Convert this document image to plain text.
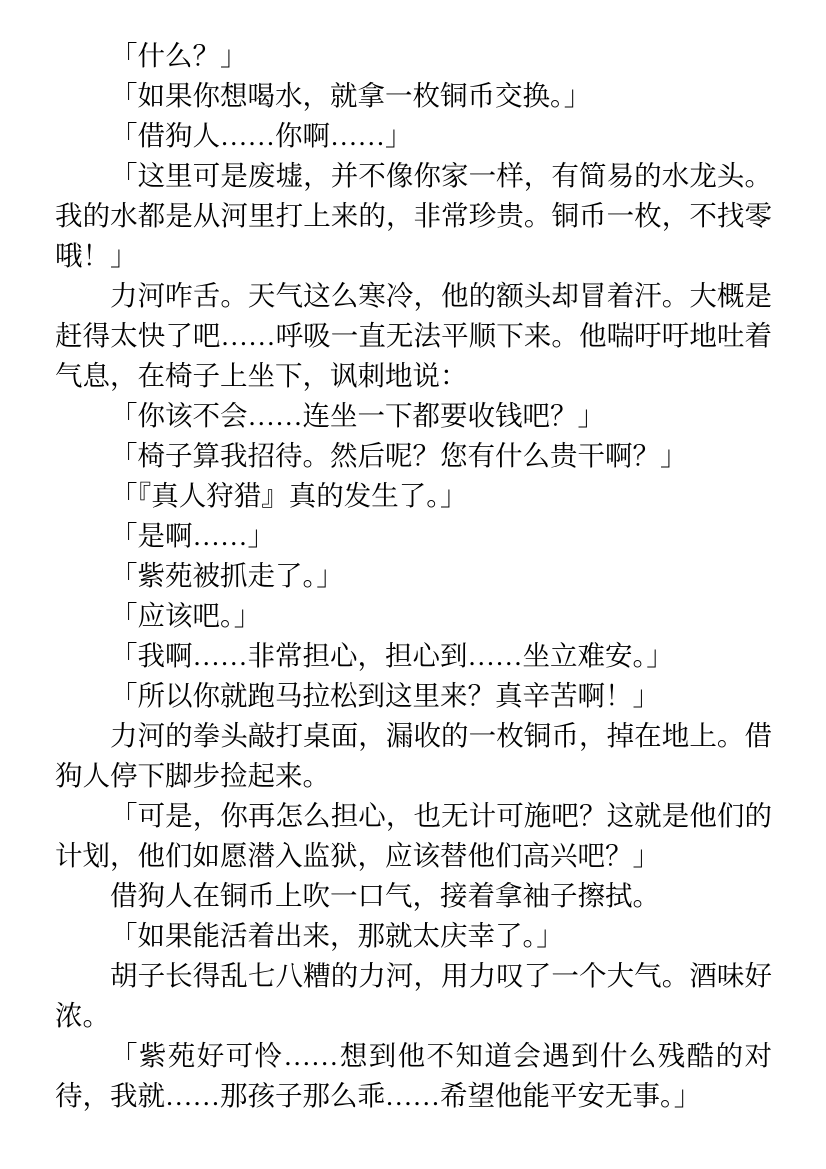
「什么？」

「如果你想喝水，就拿一枚铜币交换。」

「借狗人……你啊……」

「这里可是废墟，并不像你家一样，有简易的水龙头。我的水都是从河里打上来的，非常珍贵。铜币一枚，不找零哦！」

力河咋舌。天气这么寒冷，他的额头却冒着汗。大概是赶得太快了吧……呼吸一直无法平顺下来。他喘吁吁地吐着气息，在椅子上坐下，讽刺地说：

「你该不会……连坐一下都要收钱吧？」

「椅子算我招待。然后呢？您有什么贵干啊？」

「『真人狩猎』真的发生了。」

「是啊……」

「紫苑被抓走了。」

「应该吧。」

「我啊……非常担心，担心到……坐立难安。」

「所以你就跑马拉松到这里来？真辛苦啊！」

力河的拳头敲打桌面，漏收的一枚铜币，掉在地上。借狗人停下脚步捡起来。

「可是，你再怎么担心，也无计可施吧？这就是他们的计划，他们如愿潜入监狱，应该替他们高兴吧？」

借狗人在铜币上吹一口气，接着拿袖子擦拭。

「如果能活着出来，那就太庆幸了。」

胡子长得乱七八糟的力河，用力叹了一个大气。酒味好浓。

「紫苑好可怜……想到他不知道会遇到什么残酷的对待，我就……那孩子那么乖……希望他能平安无事。」
